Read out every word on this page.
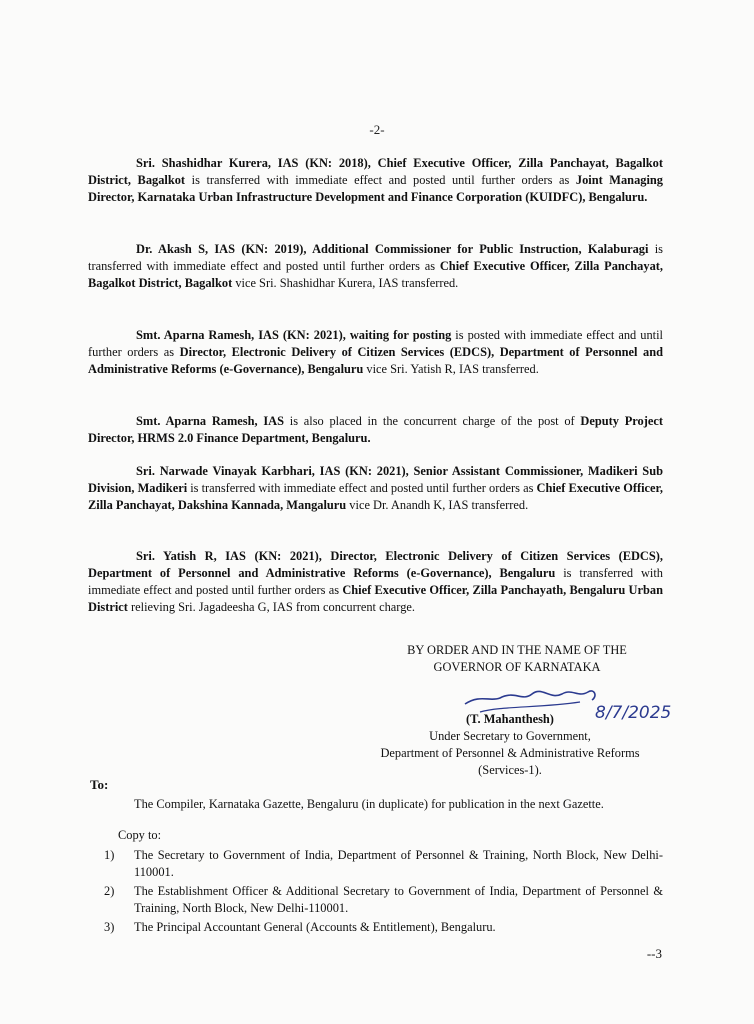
-2-
Sri. Shashidhar Kurera, IAS (KN: 2018), Chief Executive Officer, Zilla Panchayat, Bagalkot District, Bagalkot is transferred with immediate effect and posted until further orders as Joint Managing Director, Karnataka Urban Infrastructure Development and Finance Corporation (KUIDFC), Bengaluru.
Dr. Akash S, IAS (KN: 2019), Additional Commissioner for Public Instruction, Kalaburagi is transferred with immediate effect and posted until further orders as Chief Executive Officer, Zilla Panchayat, Bagalkot District, Bagalkot vice Sri. Shashidhar Kurera, IAS transferred.
Smt. Aparna Ramesh, IAS (KN: 2021), waiting for posting is posted with immediate effect and until further orders as Director, Electronic Delivery of Citizen Services (EDCS), Department of Personnel and Administrative Reforms (e-Governance), Bengaluru vice Sri. Yatish R, IAS transferred.
Smt. Aparna Ramesh, IAS is also placed in the concurrent charge of the post of Deputy Project Director, HRMS 2.0 Finance Department, Bengaluru.
Sri. Narwade Vinayak Karbhari, IAS (KN: 2021), Senior Assistant Commissioner, Madikeri Sub Division, Madikeri is transferred with immediate effect and posted until further orders as Chief Executive Officer, Zilla Panchayat, Dakshina Kannada, Mangaluru vice Dr. Anandh K, IAS transferred.
Sri. Yatish R, IAS (KN: 2021), Director, Electronic Delivery of Citizen Services (EDCS), Department of Personnel and Administrative Reforms (e-Governance), Bengaluru is transferred with immediate effect and posted until further orders as Chief Executive Officer, Zilla Panchayath, Bengaluru Urban District relieving Sri. Jagadeesha G, IAS from concurrent charge.
BY ORDER AND IN THE NAME OF THE
GOVERNOR OF KARNATAKA
8/7/2025
(T. Mahanthesh)
Under Secretary to Government,
Department of Personnel & Administrative Reforms
(Services-1).
To:
The Compiler, Karnataka Gazette, Bengaluru (in duplicate) for publication in the next Gazette.
Copy to:
1) The Secretary to Government of India, Department of Personnel & Training, North Block, New Delhi-110001.
2) The Establishment Officer & Additional Secretary to Government of India, Department of Personnel & Training, North Block, New Delhi-110001.
3) The Principal Accountant General (Accounts & Entitlement), Bengaluru.
--3
